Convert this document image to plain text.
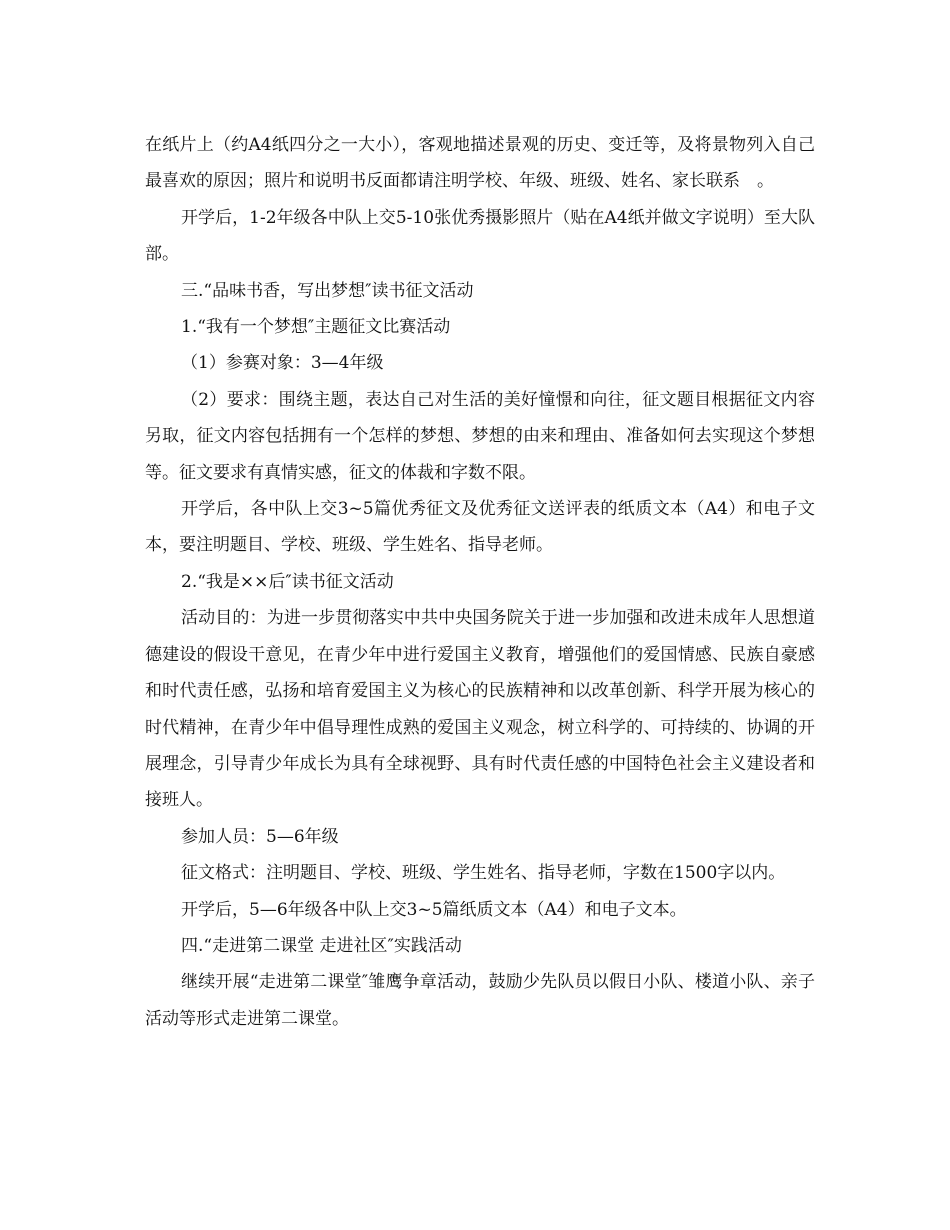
在纸片上（约A4纸四分之一大小），客观地描述景观的历史、变迁等，及将景物列入自己最喜欢的原因；照片和说明书反面都请注明学校、年级、班级、姓名、家长联系　。

开学后，1-2年级各中队上交5-10张优秀摄影照片（贴在A4纸并做文字说明）至大队部。

三.“品味书香，写出梦想″读书征文活动

1.“我有一个梦想″主题征文比赛活动

（1）参赛对象：3—4年级

（2）要求：围绕主题，表达自己对生活的美好憧憬和向往，征文题目根据征文内容另取，征文内容包括拥有一个怎样的梦想、梦想的由来和理由、准备如何去实现这个梦想等。征文要求有真情实感，征文的体裁和字数不限。

开学后，各中队上交3~5篇优秀征文及优秀征文送评表的纸质文本（A4）和电子文本，要注明题目、学校、班级、学生姓名、指导老师。

2.“我是××后″读书征文活动

活动目的：为进一步贯彻落实中共中央国务院关于进一步加强和改进未成年人思想道德建设的假设干意见，在青少年中进行爱国主义教育，增强他们的爱国情感、民族自豪感和时代责任感，弘扬和培育爱国主义为核心的民族精神和以改革创新、科学开展为核心的时代精神，在青少年中倡导理性成熟的爱国主义观念，树立科学的、可持续的、协调的开展理念，引导青少年成长为具有全球视野、具有时代责任感的中国特色社会主义建设者和接班人。

参加人员：5—6年级

征文格式：注明题目、学校、班级、学生姓名、指导老师，字数在1500字以内。

开学后，5—6年级各中队上交3~5篇纸质文本（A4）和电子文本。

四.“走进第二课堂 走进社区″实践活动

继续开展“走进第二课堂″雏鹰争章活动，鼓励少先队员以假日小队、楼道小队、亲子活动等形式走进第二课堂。
